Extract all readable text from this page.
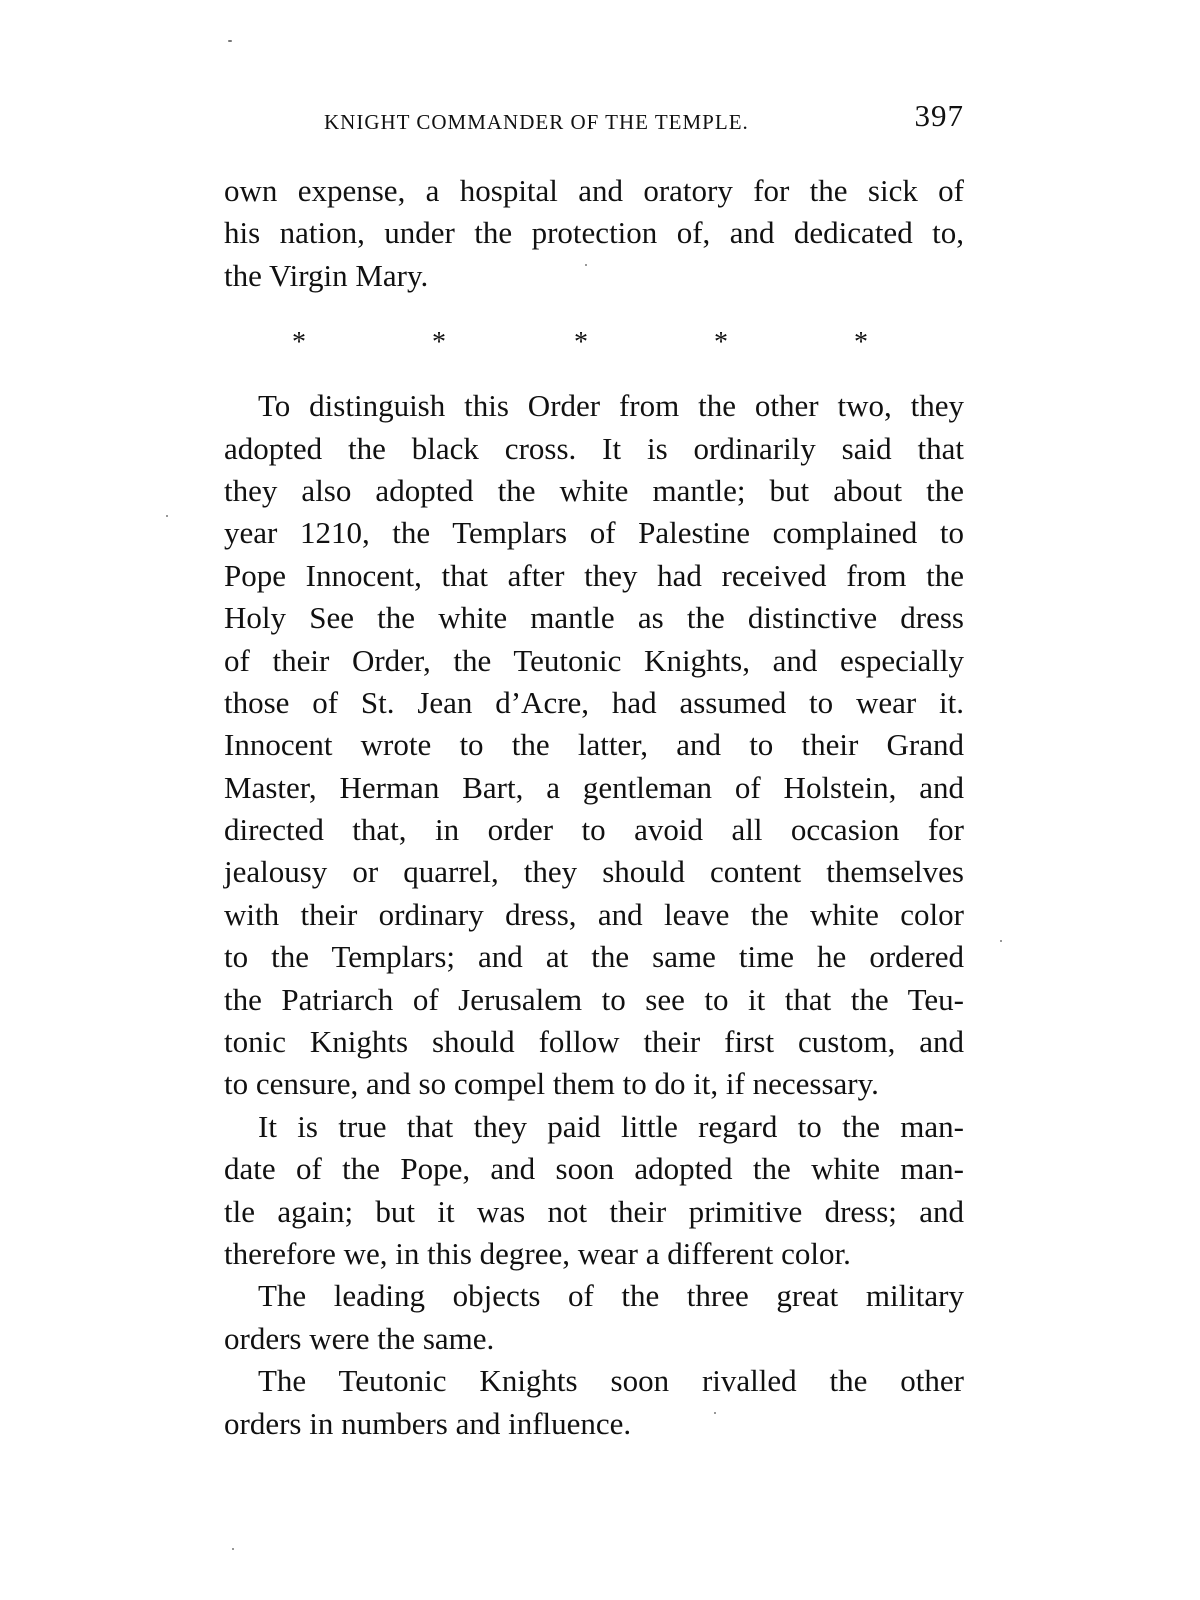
KNIGHT COMMANDER OF THE TEMPLE.	397
own expense, a hospital and oratory for the sick of
his nation, under the protection of, and dedicated to,
the Virgin Mary.
To distinguish this Order from the other two, they
adopted the black cross. It is ordinarily said that
they also adopted the white mantle; but about the
year 1210, the Templars of Palestine complained to
Pope Innocent, that after they had received from the
Holy See the white mantle as the distinctive dress
of their Order, the Teutonic Knights, and especially
those of St. Jean d’Acre, had assumed to wear it.
Innocent wrote to the latter, and to their Grand
Master, Herman Bart, a gentleman of Holstein, and
directed that, in order to avoid all occasion for
jealousy or quarrel, they should content themselves
with their ordinary dress, and leave the white color
to the Templars; and at the same time he ordered
the Patriarch of Jerusalem to see to it that the Teu-
tonic Knights should follow their first custom, and
to censure, and so compel them to do it, if necessary.
It is true that they paid little regard to the man-
date of the Pope, and soon adopted the white man-
tle again; but it was not their primitive dress; and
therefore we, in this degree, wear a different color.
The leading objects of the three great military
orders were the same.
The Teutonic Knights soon rivalled the other
orders in numbers and influence.
*	*	*	*	*
